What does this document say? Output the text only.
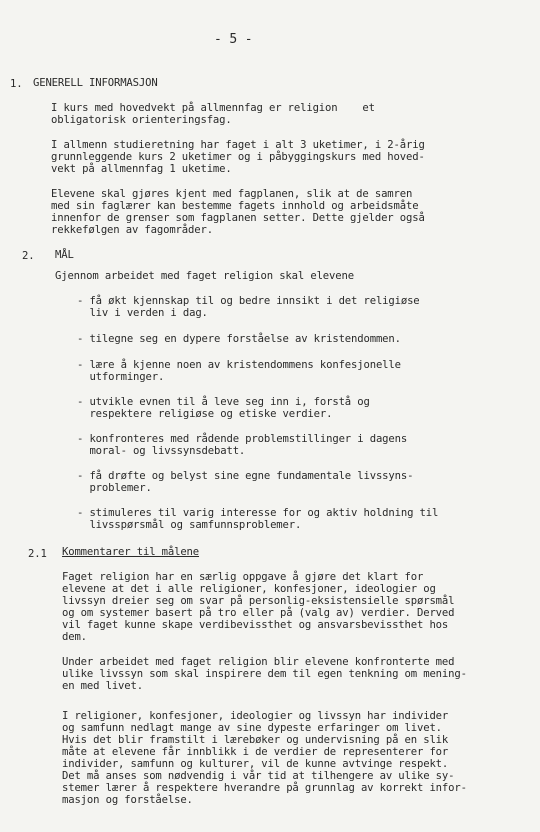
- 5 -
1. GENERELL INFORMASJON
I kurs med hovedvekt på allmennfag er religion    et
obligatorisk orienteringsfag.
I allmenn studieretning har faget i alt 3 uketimer, i 2-årig
grunnleggende kurs 2 uketimer og i påbyggingskurs med hoved-
vekt på allmennfag 1 uketime.
Elevene skal gjøres kjent med fagplanen, slik at de samren
med sin faglærer kan bestemme fagets innhold og arbeidsmåte
innenfor de grenser som fagplanen setter. Dette gjelder også
rekkefølgen av fagområder.
2. MÅL
Gjennom arbeidet med faget religion skal elevene
- få økt kjennskap til og bedre innsikt i det religiøse
liv i verden i dag.
- tilegne seg en dypere forståelse av kristendommen.
- lære å kjenne noen av kristendommens konfesjonelle
utforminger.
- utvikle evnen til å leve seg inn i, forstå og
respektere religiøse og etiske verdier.
- konfronteres med rådende problemstillinger i dagens
moral- og livssynsdebatt.
- få drøfte og belyst sine egne fundamentale livssyns-
problemer.
- stimuleres til varig interesse for og aktiv holdning til
livsspørsmål og samfunnsproblemer.
2.1 Kommentarer til målene
Faget religion har en særlig oppgave å gjøre det klart for
elevene at det i alle religioner, konfesjoner, ideologier og
livssyn dreier seg om svar på personlig-eksistensielle spørsmål
og om systemer basert på tro eller på (valg av) verdier. Derved
vil faget kunne skape verdibevissthet og ansvarsbevissthet hos
dem.
Under arbeidet med faget religion blir elevene konfronterte med
ulike livssyn som skal inspirere dem til egen tenkning om mening-
en med livet.
I religioner, konfesjoner, ideologier og livssyn har individer
og samfunn nedlagt mange av sine dypeste erfaringer om livet.
Hvis det blir framstilt i lærebøker og undervisning på en slik
måte at elevene får innblikk i de verdier de representerer for
individer, samfunn og kulturer, vil de kunne avtvinge respekt.
Det må anses som nødvendig i vår tid at tilhengere av ulike sy-
stemer lærer å respektere hverandre på grunnlag av korrekt infor-
masjon og forståelse.
